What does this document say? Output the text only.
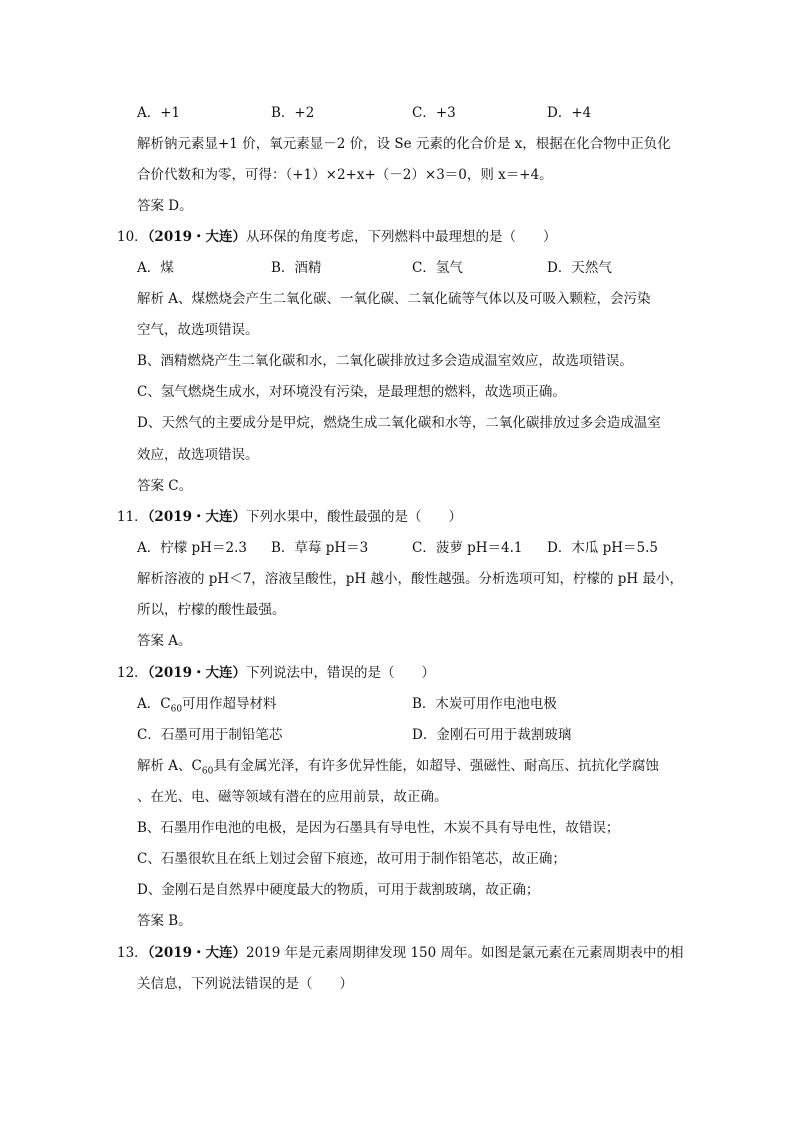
A．+1	B．+2	C．+3	D．+4
解析钠元素显+1 价，氧元素显－2 价，设 Se 元素的化合价是 x，根据在化合物中正负化
合价代数和为零，可得：（+1）×2+x+（－2）×3＝0，则 x＝+4。
答案 D。
10．（2019・大连）从环保的角度考虑，下列燃料中最理想的是（　　）
A．煤	B．酒精	C．氢气	D．天然气
解析 A、煤燃烧会产生二氧化碳、一氧化碳、二氧化硫等气体以及可吸入颗粒，会污染
空气，故选项错误。
B、酒精燃烧产生二氧化碳和水，二氧化碳排放过多会造成温室效应，故选项错误。
C、氢气燃烧生成水，对环境没有污染，是最理想的燃料，故选项正确。
D、天然气的主要成分是甲烷，燃烧生成二氧化碳和水等，二氧化碳排放过多会造成温室
效应，故选项错误。
答案 C。
11．（2019・大连）下列水果中，酸性最强的是（　　）
A．柠檬 pH＝2.3 B．草莓 pH＝3	C．菠萝 pH＝4.1 D．木瓜 pH＝5.5
解析溶液的 pH＜7，溶液呈酸性，pH 越小，酸性越强。分析选项可知，柠檬的 pH 最小，
所以，柠檬的酸性最强。
答案 A。
12．（2019・大连）下列说法中，错误的是（　　）
A．$C_{60}$可用作超导材料	B．木炭可用作电池电极
C．石墨可用于制铅笔芯	D．金刚石可用于裁割玻璃
解析 A、$C_{60}$具有金属光泽，有许多优异性能，如超导、强磁性、耐高压、抗抗化学腐蚀
、在光、电、磁等领域有潜在的应用前景，故正确。
B、石墨用作电池的电极，是因为石墨具有导电性，木炭不具有导电性，故错误；
C、石墨很软且在纸上划过会留下痕迹，故可用于制作铅笔芯，故正确；
D、金刚石是自然界中硬度最大的物质，可用于裁割玻璃，故正确；
答案 B。
13．（2019・大连）2019 年是元素周期律发现 150 周年。如图是氯元素在元素周期表中的相
关信息，下列说法错误的是（　　）
